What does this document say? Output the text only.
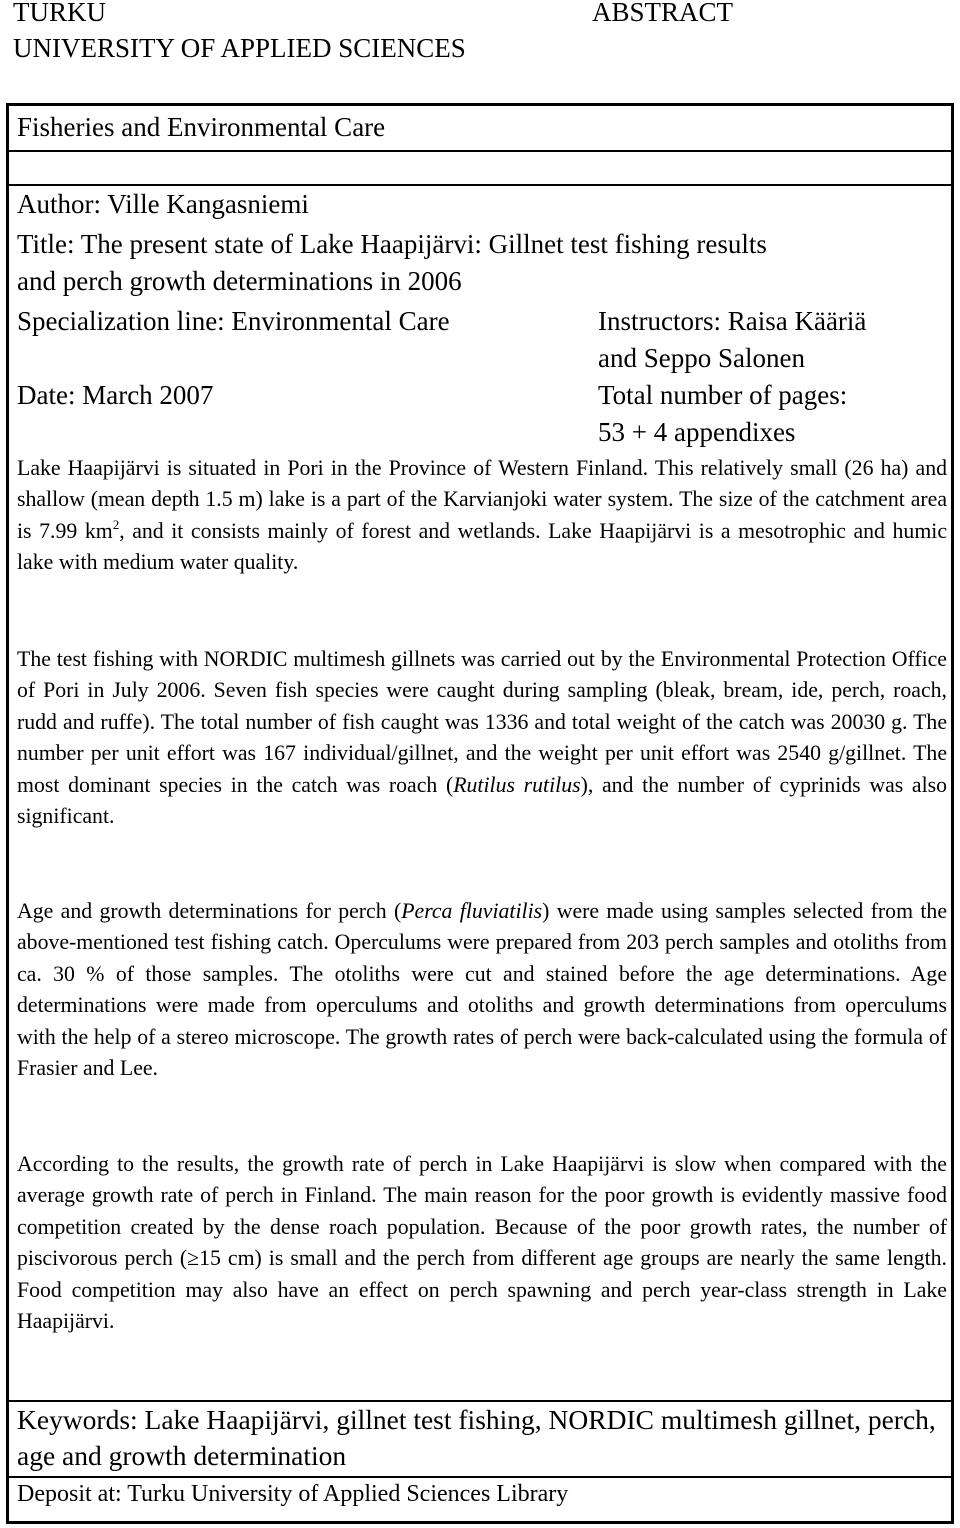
TURKU
UNIVERSITY OF APPLIED SCIENCES
ABSTRACT
Fisheries and Environmental Care
Author: Ville Kangasniemi
Title: The present state of Lake Haapijärvi: Gillnet test fishing results
and perch growth determinations in 2006
Specialization line: Environmental Care	Instructors: Raisa Kääriä
and Seppo Salonen
Date: March 2007	Total number of pages:
53 + 4 appendixes

Lake Haapijärvi is situated in Pori in the Province of Western Finland. This relatively small (26 ha) and shallow (mean depth 1.5 m) lake is a part of the Karvianjoki water system. The size of the catchment area is 7.99 $km^2$, and it consists mainly of forest and wetlands. Lake Haapijärvi is a mesotrophic and humic lake with medium water quality.

The test fishing with NORDIC multimesh gillnets was carried out by the Environmental Protection Office of Pori in July 2006. Seven fish species were caught during sampling (bleak, bream, ide, perch, roach, rudd and ruffe). The total number of fish caught was 1336 and total weight of the catch was 20030 g. The number per unit effort was 167 individual/gillnet, and the weight per unit effort was 2540 g/gillnet. The most dominant species in the catch was roach (Rutilus rutilus), and the number of cyprinids was also significant.

Age and growth determinations for perch (Perca fluviatilis) were made using samples selected from the above-mentioned test fishing catch. Operculums were prepared from 203 perch samples and otoliths from ca. 30 % of those samples. The otoliths were cut and stained before the age determinations. Age determinations were made from operculums and otoliths and growth determinations from operculums with the help of a stereo microscope. The growth rates of perch were back-calculated using the formula of Frasier and Lee.

According to the results, the growth rate of perch in Lake Haapijärvi is slow when compared with the average growth rate of perch in Finland. The main reason for the poor growth is evidently massive food competition created by the dense roach population. Because of the poor growth rates, the number of piscivorous perch (≥15 cm) is small and the perch from different age groups are nearly the same length. Food competition may also have an effect on perch spawning and perch year-class strength in Lake Haapijärvi.

Keywords: Lake Haapijärvi, gillnet test fishing, NORDIC multimesh gillnet, perch, age and growth determination

Deposit at: Turku University of Applied Sciences Library
